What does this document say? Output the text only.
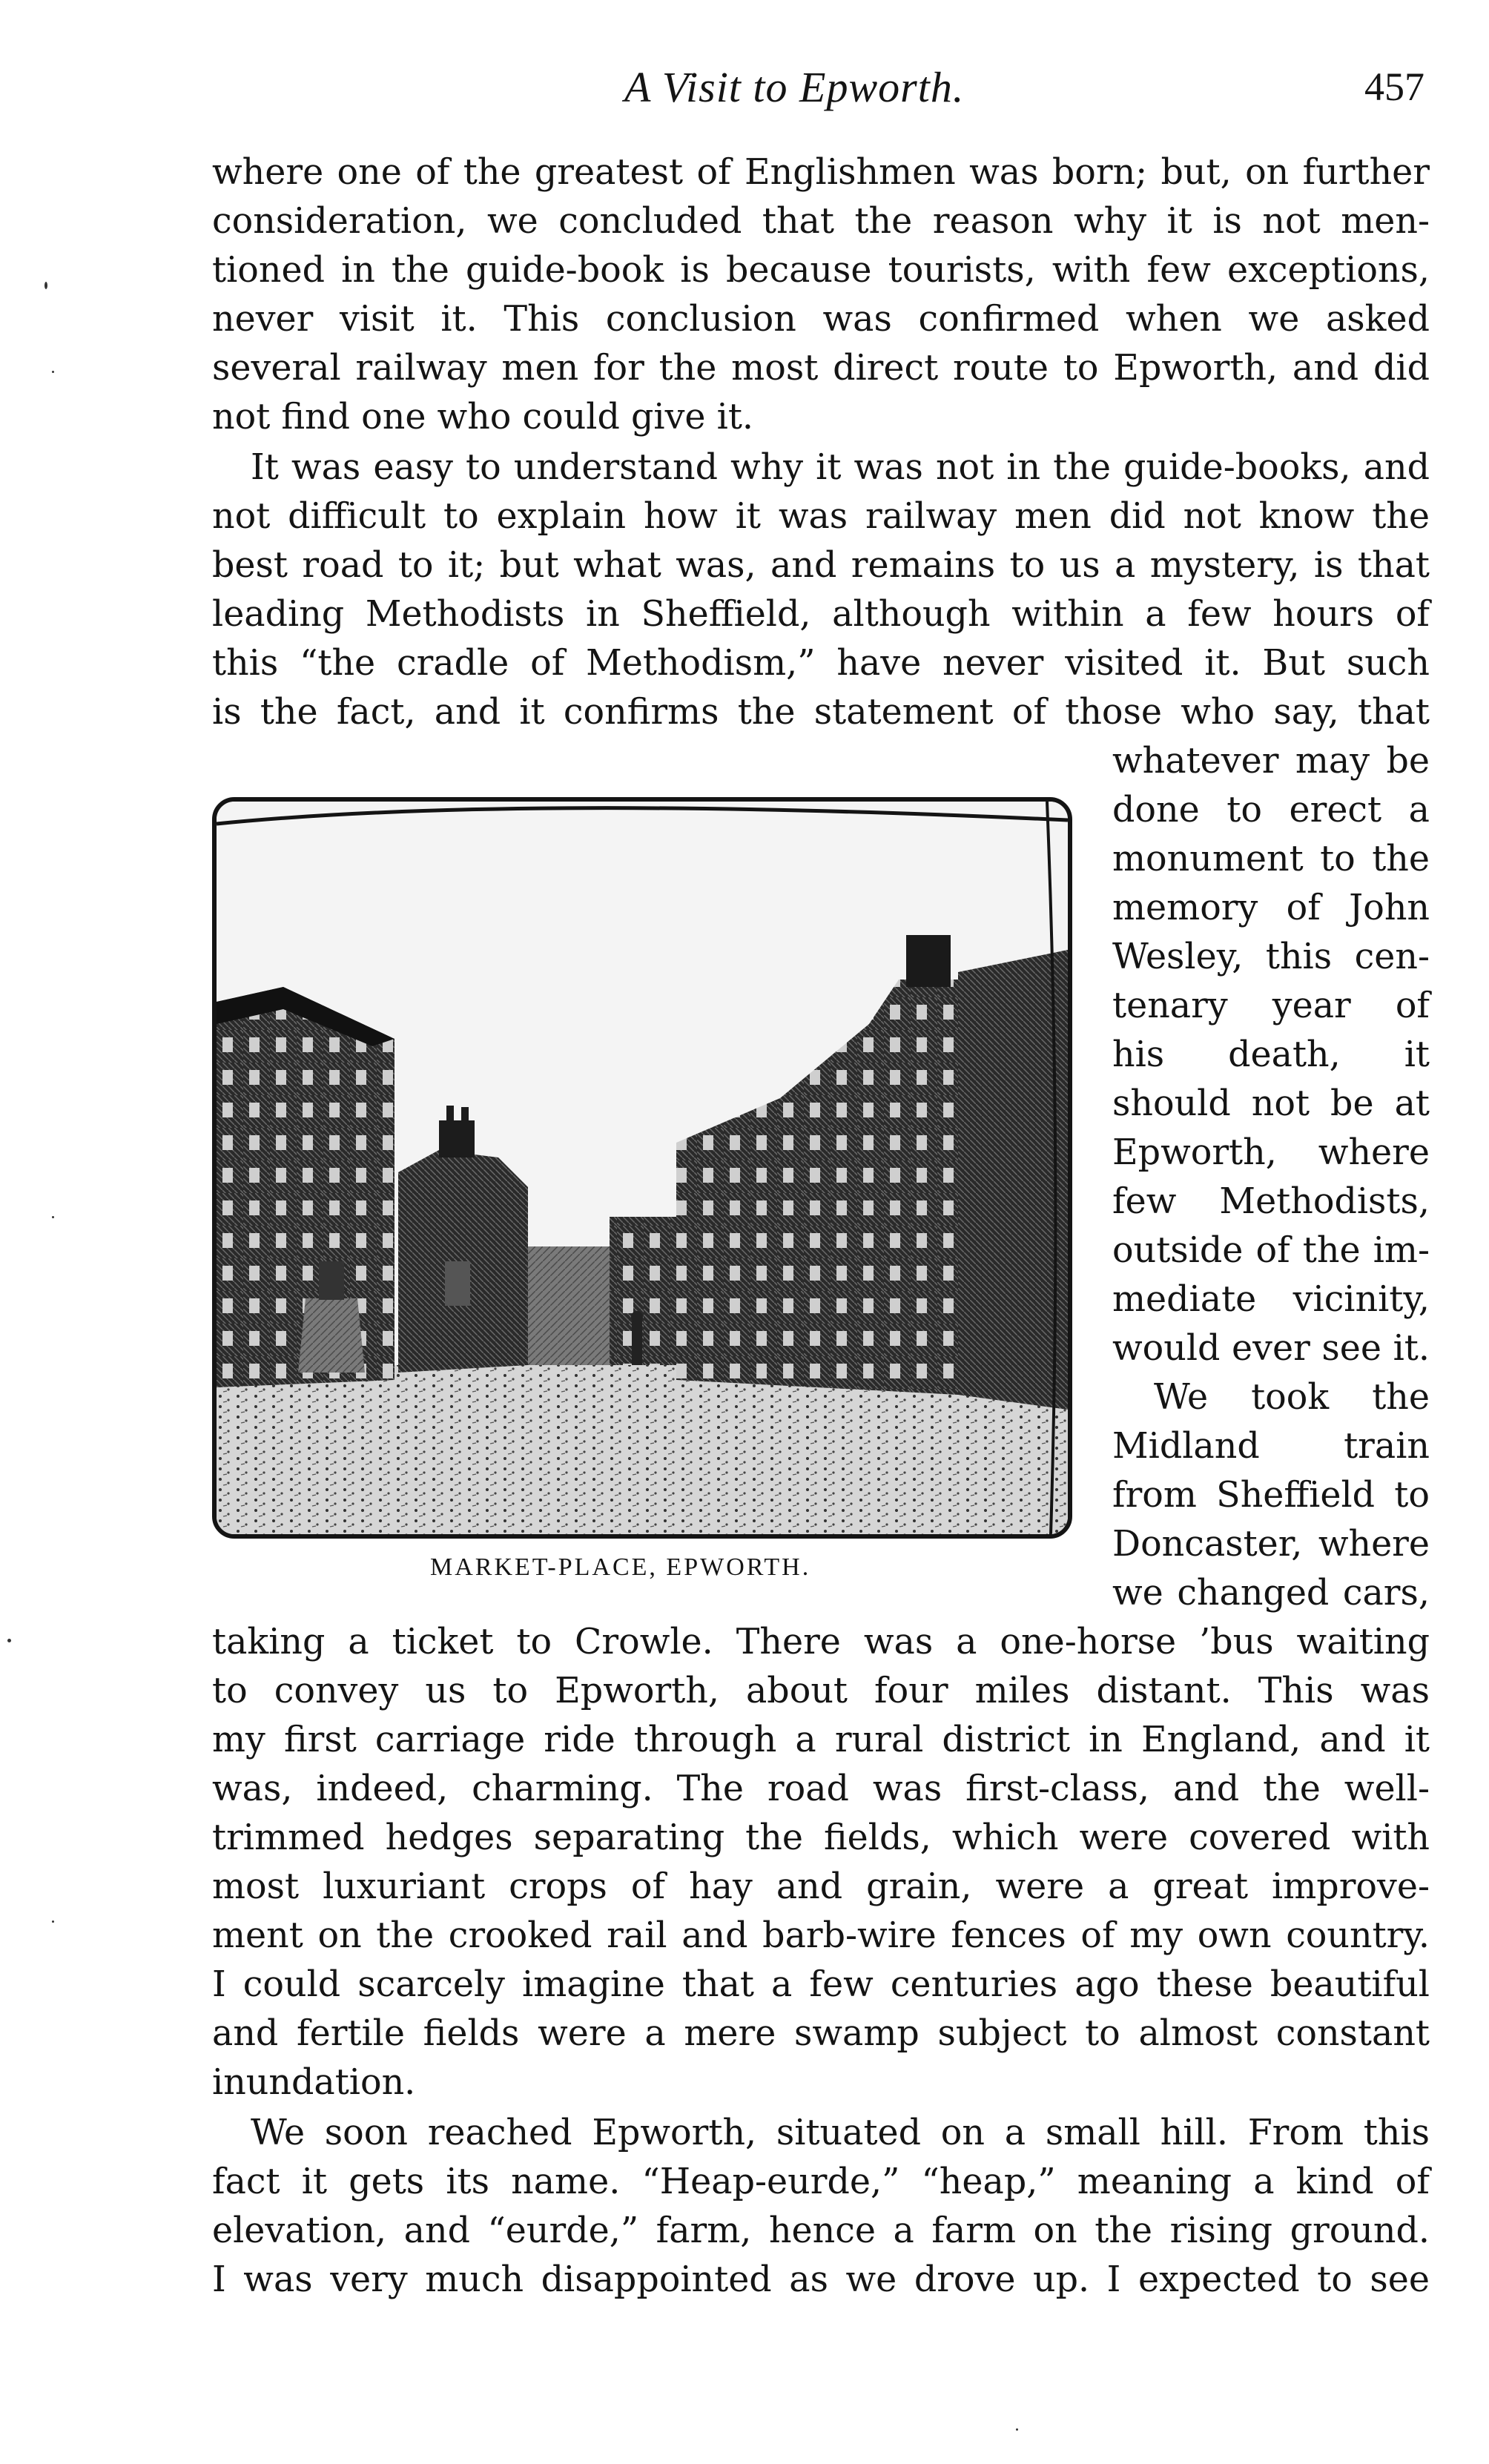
A Visit to Epworth.	457
where one of the greatest of Englishmen was born; but, on further
consideration, we concluded that the reason why it is not men-
tioned in the guide-book is because tourists, with few exceptions,
never visit it. This conclusion was confirmed when we asked
several railway men for the most direct route to Epworth, and did
not find one who could give it.
It was easy to understand why it was not in the guide-books, and
not difficult to explain how it was railway men did not know the
best road to it; but what was, and remains to us a mystery, is that
leading Methodists in Sheffield, although within a few hours of
this “the cradle of Methodism,” have never visited it. But such
is the fact, and it confirms the statement of those who say, that
whatever may be
done to erect a
monument to the
memory of John
Wesley, this cen-
tenary year of
his death, it
should not be at
Epworth, where
few Methodists,
outside of the im-
mediate vicinity,
would ever see it.
We took the
Midland train
from Sheffield to
Doncaster, where
we changed cars,
taking a ticket to Crowle. There was a one-horse ’bus waiting
to convey us to Epworth, about four miles distant. This was
my first carriage ride through a rural district in England, and it
was, indeed, charming. The road was first-class, and the well-
trimmed hedges separating the fields, which were covered with
most luxuriant crops of hay and grain, were a great improve-
ment on the crooked rail and barb-wire fences of my own country.
I could scarcely imagine that a few centuries ago these beautiful
and fertile fields were a mere swamp subject to almost constant
inundation.
We soon reached Epworth, situated on a small hill. From this
fact it gets its name. “Heap-eurde,” “heap,” meaning a kind of
elevation, and “eurde,” farm, hence a farm on the rising ground.
I was very much disappointed as we drove up. I expected to see
MARKET-PLACE, EPWORTH.
